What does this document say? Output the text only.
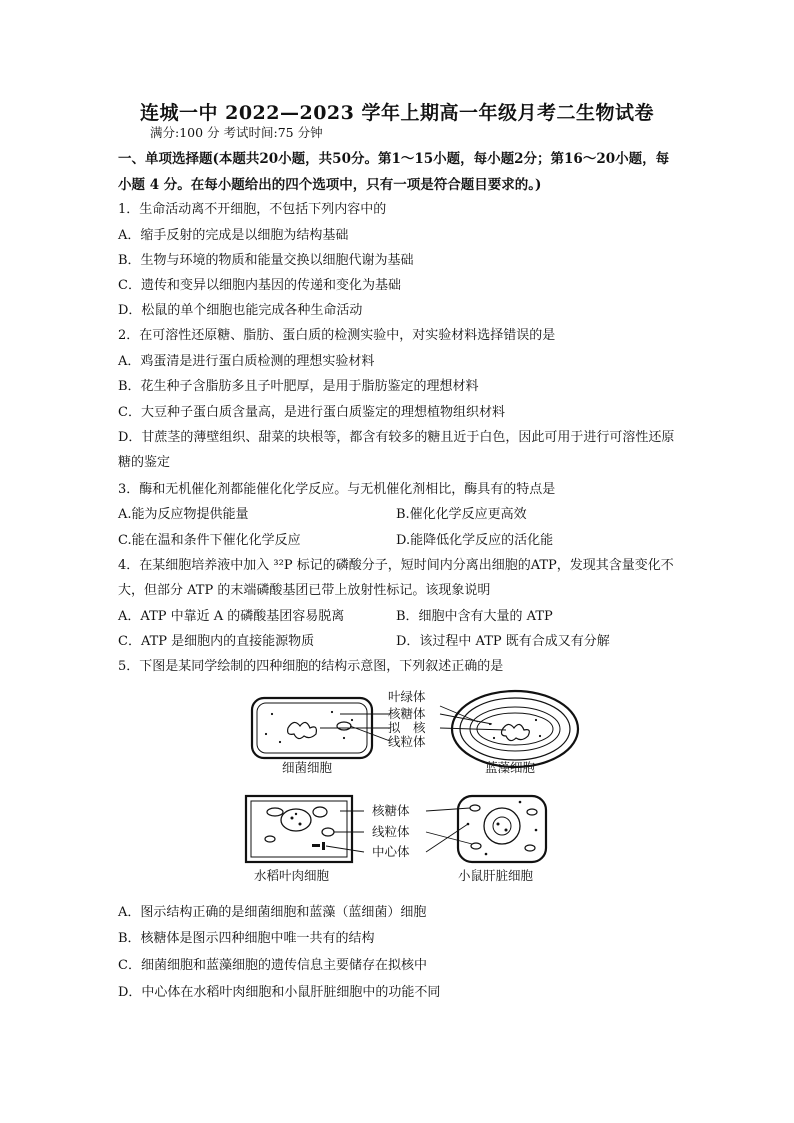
连城一中 2022—2023 学年上期高一年级月考二生物试卷
满分:100 分 考试时间:75 分钟
一、单项选择题(本题共20小题，共50分。第1～15小题，每小题2分；第16～20小题，每小题 4 分。在每小题给出的四个选项中，只有一项是符合题目要求的。)
1．生命活动离不开细胞，不包括下列内容中的
A．缩手反射的完成是以细胞为结构基础
B．生物与环境的物质和能量交换以细胞代谢为基础
C．遗传和变异以细胞内基因的传递和变化为基础
D．松鼠的单个细胞也能完成各种生命活动
2．在可溶性还原糖、脂肪、蛋白质的检测实验中，对实验材料选择错误的是
A．鸡蛋清是进行蛋白质检测的理想实验材料
B．花生种子含脂肪多且子叶肥厚，是用于脂肪鉴定的理想材料
C．大豆种子蛋白质含量高，是进行蛋白质鉴定的理想植物组织材料
D．甘蔗茎的薄壁组织、甜菜的块根等，都含有较多的糖且近于白色，因此可用于进行可溶性还原糖的鉴定
3．酶和无机催化剂都能催化化学反应。与无机催化剂相比，酶具有的特点是
A.能为反应物提供能量	B.催化化学反应更高效
C.能在温和条件下催化化学反应	D.能降低化学反应的活化能
4．在某细胞培养液中加入 ³²P 标记的磷酸分子，短时间内分离出细胞的ATP，发现其含量变化不大，但部分 ATP 的末端磷酸基团已带上放射性标记。该现象说明
A．ATP 中靠近 A 的磷酸基团容易脱离	B．细胞中含有大量的 ATP
C．ATP 是细胞内的直接能源物质	D．该过程中 ATP 既有合成又有分解
5．下图是某同学绘制的四种细胞的结构示意图，下列叙述正确的是
叶绿体
核糖体
拟　核
线粒体
细菌细胞	蓝藻细胞
核糖体
线粒体
中心体
水稻叶肉细胞	小鼠肝脏细胞
A．图示结构正确的是细菌细胞和蓝藻（蓝细菌）细胞
B．核糖体是图示四种细胞中唯一共有的结构
C．细菌细胞和蓝藻细胞的遗传信息主要储存在拟核中
D．中心体在水稻叶肉细胞和小鼠肝脏细胞中的功能不同
